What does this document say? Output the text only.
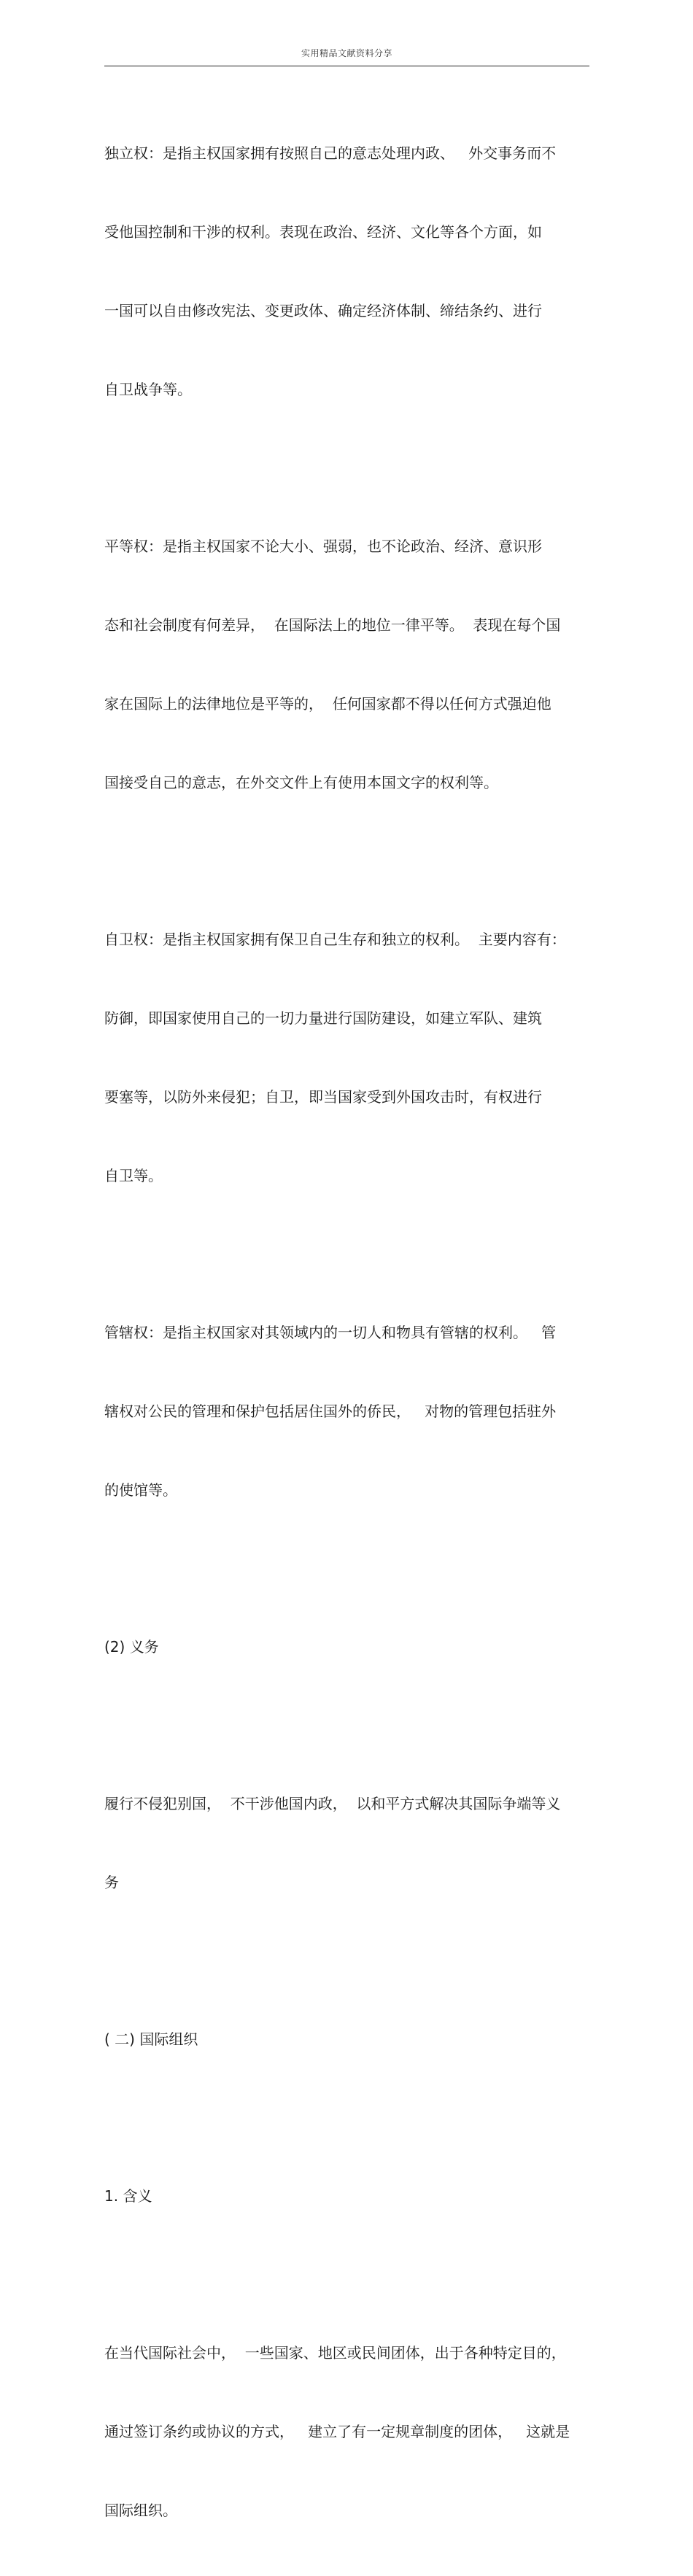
实用精品文献资料分享

独立权：是指主权国家拥有按照自己的意志处理内政、   外交事务而不

受他国控制和干涉的权利。表现在政治、经济、文化等各个方面，如

一国可以自由修改宪法、变更政体、确定经济体制、缔结条约、进行

自卫战争等。

平等权：是指主权国家不论大小、强弱，也不论政治、经济、意识形

态和社会制度有何差异，  在国际法上的地位一律平等。  表现在每个国

家在国际上的法律地位是平等的，  任何国家都不得以任何方式强迫他

国接受自己的意志，在外交文件上有使用本国文字的权利等。

自卫权：是指主权国家拥有保卫自己生存和独立的权利。  主要内容有：

防御，即国家使用自己的一切力量进行国防建设，如建立军队、建筑

要塞等，以防外来侵犯；自卫，即当国家受到外国攻击时，有权进行

自卫等。

管辖权：是指主权国家对其领域内的一切人和物具有管辖的权利。   管

辖权对公民的管理和保护包括居住国外的侨民，   对物的管理包括驻外

的使馆等。

(2) 义务

履行不侵犯别国，  不干涉他国内政，  以和平方式解决其国际争端等义

务

( 二) 国际组织

1. 含义

在当代国际社会中，  一些国家、地区或民间团体，出于各种特定目的，

通过签订条约或协议的方式，   建立了有一定规章制度的团体，   这就是

国际组织。
